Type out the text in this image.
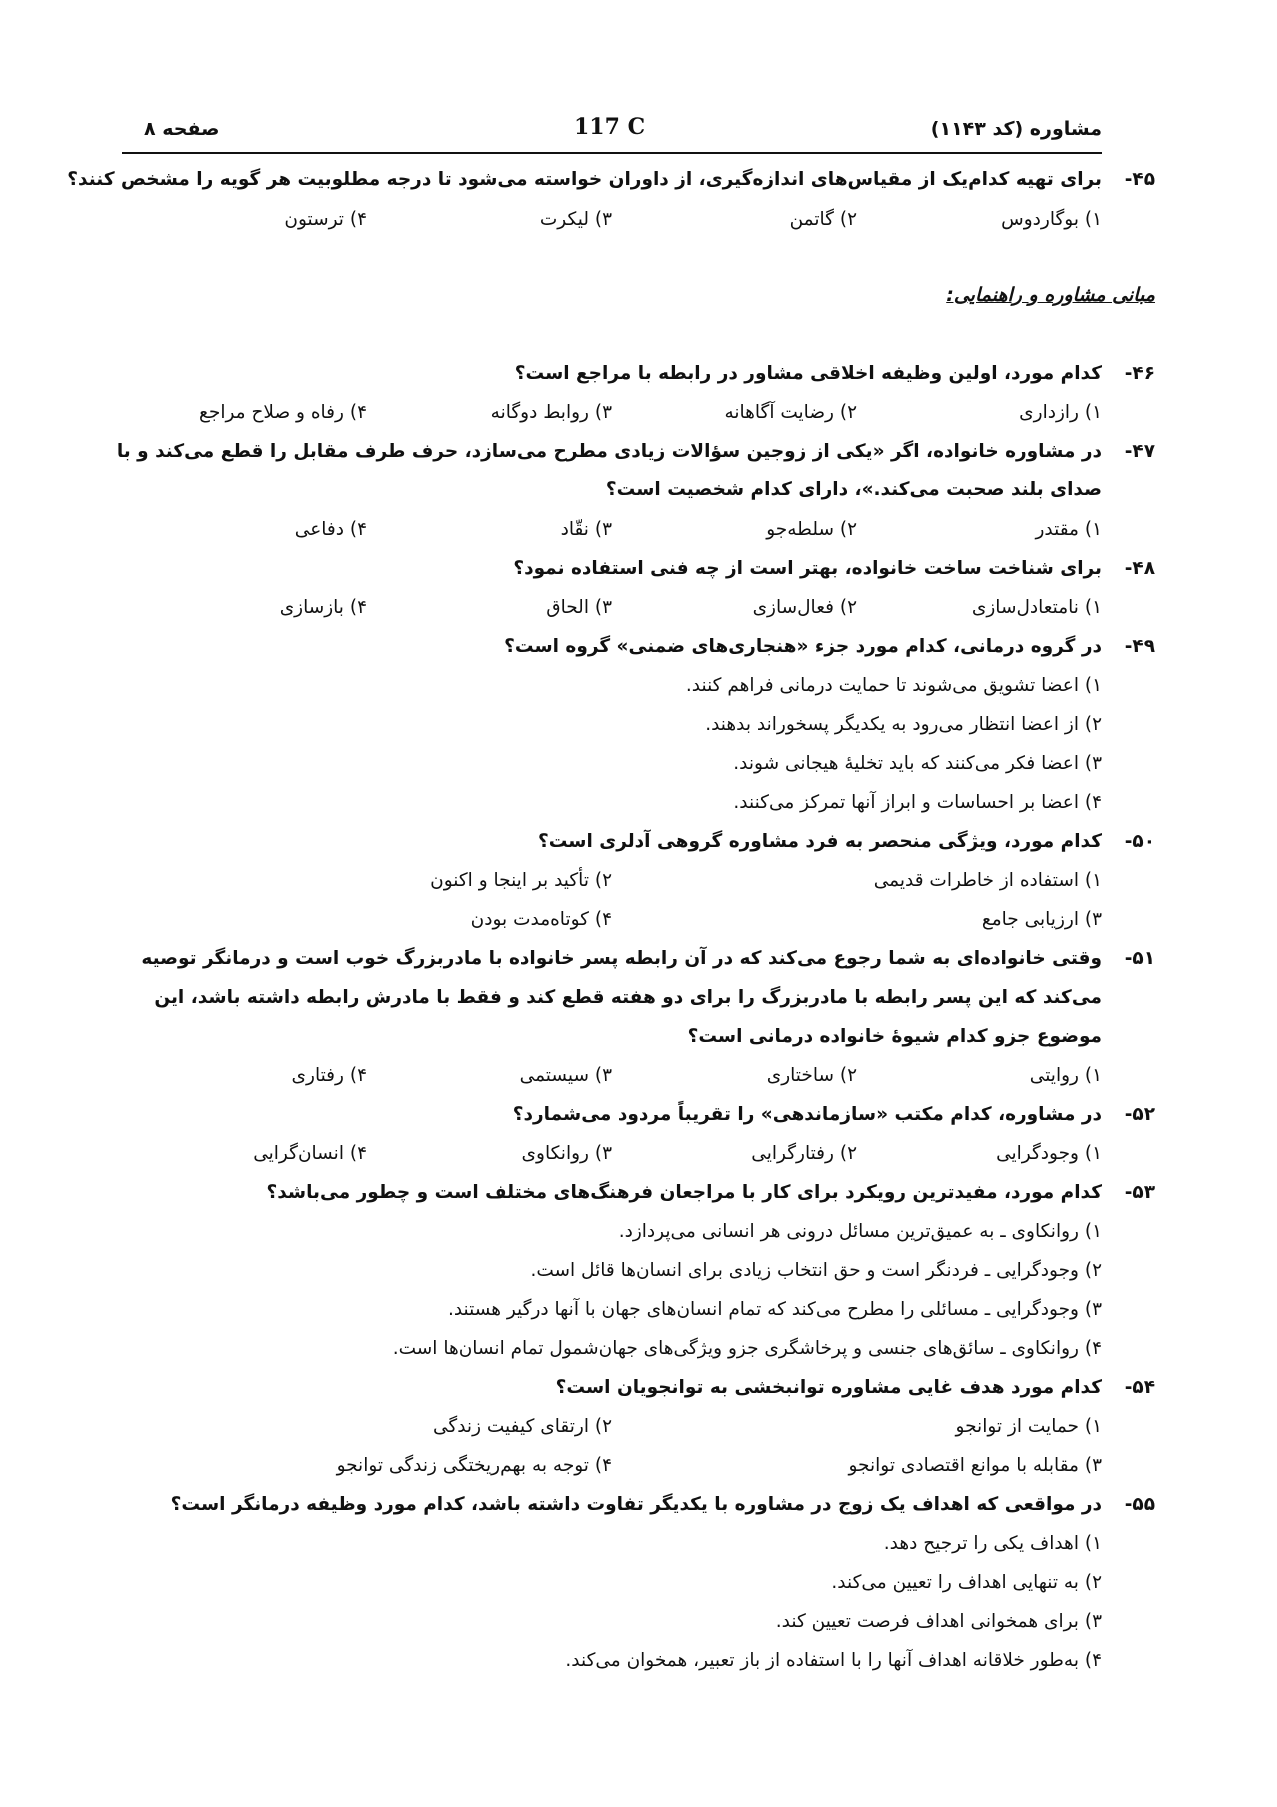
مشاوره (کد ۱۱۴۳)
117 C
صفحه ۸
۴۵-
برای تهیه کدام‌یک از مقیاس‌های اندازه‌گیری، از داوران خواسته می‌شود تا درجه مطلوبیت هر گویه را مشخص کنند؟
۱) بوگاردوس
۲) گاتمن
۳) لیکرت
۴) ترستون
مبانی مشاوره و راهنمایی:
۴۶-
کدام مورد، اولین وظیفه اخلاقی مشاور در رابطه با مراجع است؟
۱) رازداری
۲) رضایت آگاهانه
۳) روابط دوگانه
۴) رفاه و صلاح مراجع
۴۷-
در مشاوره خانواده، اگر «یکی از زوجین سؤالات زیادی مطرح می‌سازد، حرف طرف مقابل را قطع می‌کند و با
صدای بلند صحبت می‌کند.»، دارای کدام شخصیت است؟
۱) مقتدر
۲) سلطه‌جو
۳) نقّاد
۴) دفاعی
۴۸-
برای شناخت ساخت خانواده، بهتر است از چه فنی استفاده نمود؟
۱) نامتعادل‌سازی
۲) فعال‌سازی
۳) الحاق
۴) بازسازی
۴۹-
در گروه درمانی، کدام مورد جزء «هنجاری‌های ضمنی» گروه است؟
۱) اعضا تشویق می‌شوند تا حمایت درمانی فراهم کنند.
۲) از اعضا انتظار می‌رود به یکدیگر پسخوراند بدهند.
۳) اعضا فکر می‌کنند که باید تخلیهٔ هیجانی شوند.
۴) اعضا بر احساسات و ابراز آنها تمرکز می‌کنند.
۵۰-
کدام مورد، ویژگی منحصر به فرد مشاوره گروهی آدلری است؟
۱) استفاده از خاطرات قدیمی
۲) تأکید بر اینجا و اکنون
۳) ارزیابی جامع
۴) کوتاه‌مدت بودن
۵۱-
وقتی خانواده‌ای به شما رجوع می‌کند که در آن رابطه پسر خانواده با مادربزرگ خوب است و درمانگر توصیه
می‌کند که این پسر رابطه با مادربزرگ را برای دو هفته قطع کند و فقط با مادرش رابطه داشته باشد، این
موضوع جزو کدام شیوهٔ خانواده درمانی است؟
۱) روایتی
۲) ساختاری
۳) سیستمی
۴) رفتاری
۵۲-
در مشاوره، کدام مکتب «سازماندهی» را تقریباً مردود می‌شمارد؟
۱) وجودگرایی
۲) رفتارگرایی
۳) روانکاوی
۴) انسان‌گرایی
۵۳-
کدام مورد، مفیدترین رویکرد برای کار با مراجعان فرهنگ‌های مختلف است و چطور می‌باشد؟
۱) روانکاوی ـ به عمیق‌ترین مسائل درونی هر انسانی می‌پردازد.
۲) وجودگرایی ـ فردنگر است و حق انتخاب زیادی برای انسان‌ها قائل است.
۳) وجودگرایی ـ مسائلی را مطرح می‌کند که تمام انسان‌های جهان با آنها درگیر هستند.
۴) روانکاوی ـ سائق‌های جنسی و پرخاشگری جزو ویژگی‌های جهان‌شمول تمام انسان‌ها است.
۵۴-
کدام مورد هدف غایی مشاوره توانبخشی به توانجویان است؟
۱) حمایت از توانجو
۲) ارتقای کیفیت زندگی
۳) مقابله با موانع اقتصادی توانجو
۴) توجه به بهم‌ریختگی زندگی توانجو
۵۵-
در مواقعی که اهداف یک زوج در مشاوره با یکدیگر تفاوت داشته باشد، کدام مورد وظیفه درمانگر است؟
۱) اهداف یکی را ترجیح دهد.
۲) به تنهایی اهداف را تعیین می‌کند.
۳) برای همخوانی اهداف فرصت تعیین کند.
۴) به‌طور خلاقانه اهداف آنها را با استفاده از باز تعبیر، همخوان می‌کند.
